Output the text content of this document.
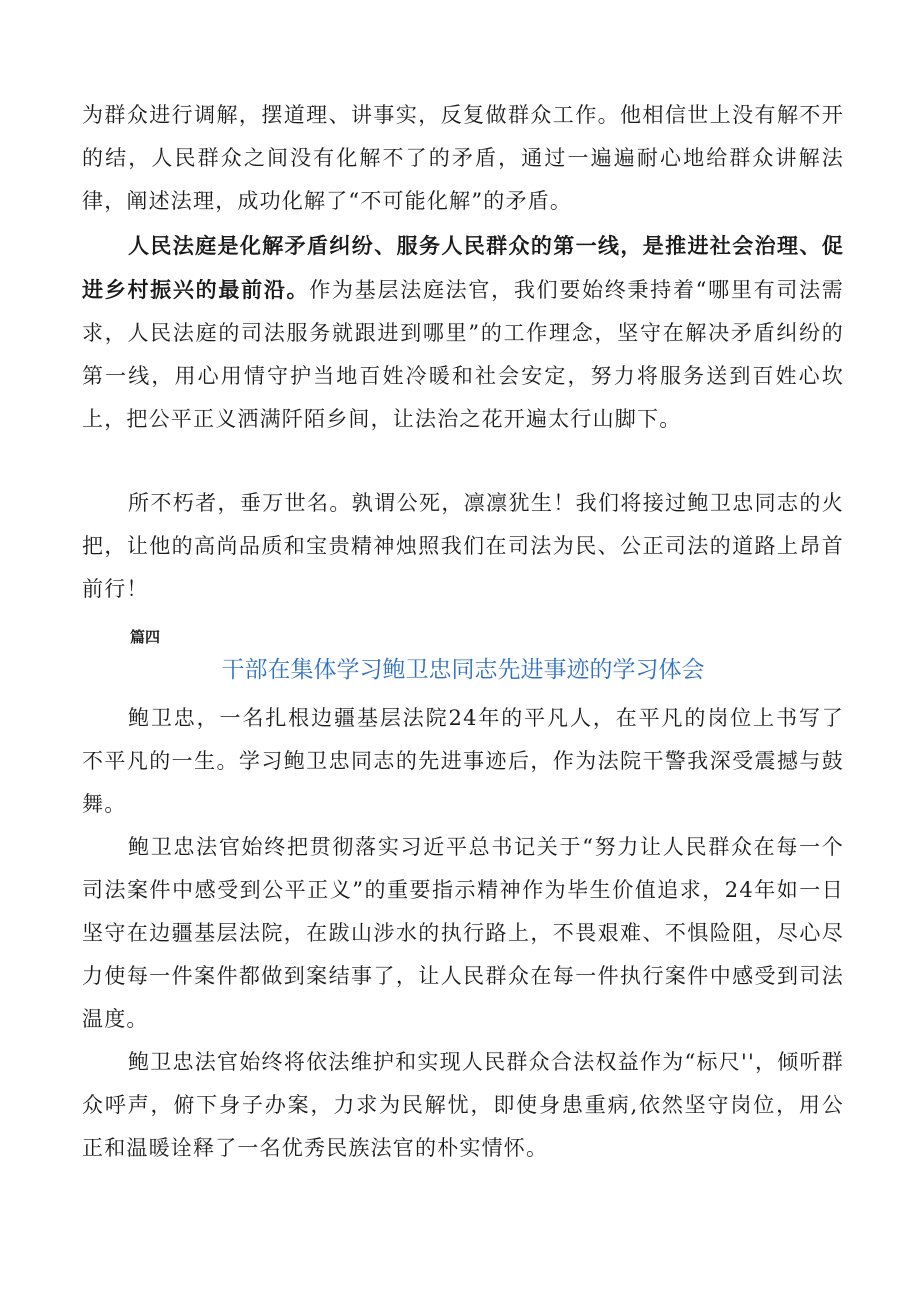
为群众进行调解，摆道理、讲事实，反复做群众工作。他相信世上没有解不开的结，人民群众之间没有化解不了的矛盾，通过一遍遍耐心地给群众讲解法律，阐述法理，成功化解了“不可能化解”的矛盾。

人民法庭是化解矛盾纠纷、服务人民群众的第一线，是推进社会治理、促进乡村振兴的最前沿。作为基层法庭法官，我们要始终秉持着“哪里有司法需求，人民法庭的司法服务就跟进到哪里”的工作理念，坚守在解决矛盾纠纷的第一线，用心用情守护当地百姓冷暖和社会安定，努力将服务送到百姓心坎上，把公平正义洒满阡陌乡间，让法治之花开遍太行山脚下。

所不朽者，垂万世名。孰谓公死，凛凛犹生！我们将接过鲍卫忠同志的火把，让他的高尚品质和宝贵精神烛照我们在司法为民、公正司法的道路上昂首前行！

篇四
干部在集体学习鲍卫忠同志先进事迹的学习体会

鲍卫忠，一名扎根边疆基层法院24年的平凡人，在平凡的岗位上书写了不平凡的一生。学习鲍卫忠同志的先进事迹后，作为法院干警我深受震撼与鼓舞。

鲍卫忠法官始终把贯彻落实习近平总书记关于“努力让人民群众在每一个司法案件中感受到公平正义”的重要指示精神作为毕生价值追求，24年如一日坚守在边疆基层法院，在跋山涉水的执行路上，不畏艰难、不惧险阻，尽心尽力使每一件案件都做到案结事了，让人民群众在每一件执行案件中感受到司法温度。

鲍卫忠法官始终将依法维护和实现人民群众合法权益作为“标尺''，倾听群众呼声，俯下身子办案，力求为民解忧，即使身患重病,依然坚守岗位，用公正和温暖诠释了一名优秀民族法官的朴实情怀。
